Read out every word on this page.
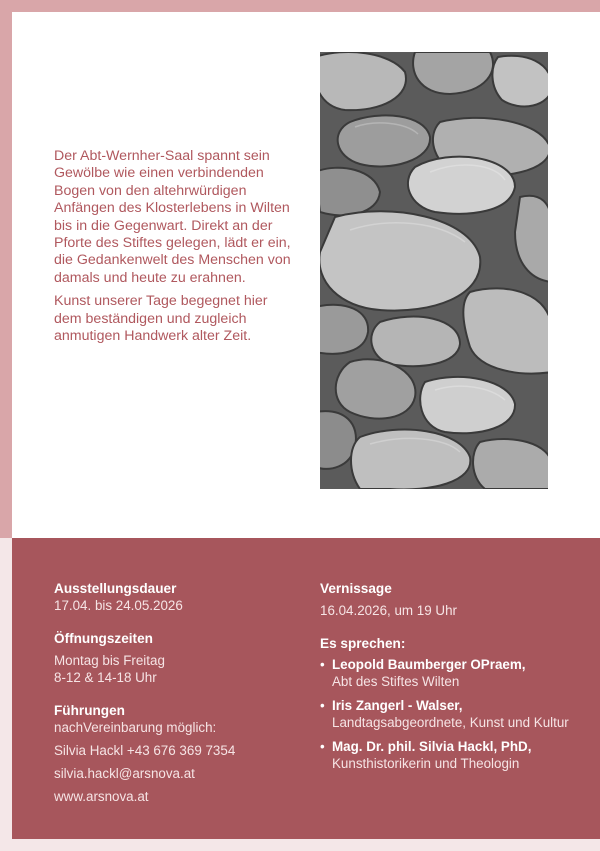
Der Abt-Wernher-Saal spannt sein Gewölbe wie einen verbindenden Bogen von den altehrwürdigen Anfängen des Klosterlebens in Wilten bis in die Gegenwart. Direkt an der Pforte des Stiftes gelegen, lädt er ein, die Gedankenwelt des Menschen von damals und heute zu erahnen.

Kunst unserer Tage begegnet hier dem beständigen und zugleich anmutigen Handwerk alter Zeit.

Ausstellungsdauer
17.04. bis 24.05.2026
Öffnungszeiten
Montag bis Freitag
8-12 & 14-18 Uhr
Führungen
nachVereinbarung möglich:
Silvia Hackl +43 676 369 7354
silvia.hackl@arsnova.at
www.arsnova.at
Vernissage
16.04.2026, um 19 Uhr
Es sprechen:
• Leopold Baumberger OPraem,
Abt des Stiftes Wilten
• Iris Zangerl - Walser,
Landtagsabgeordnete, Kunst und Kultur
• Mag. Dr. phil. Silvia Hackl, PhD,
Kunsthistorikerin und Theologin
